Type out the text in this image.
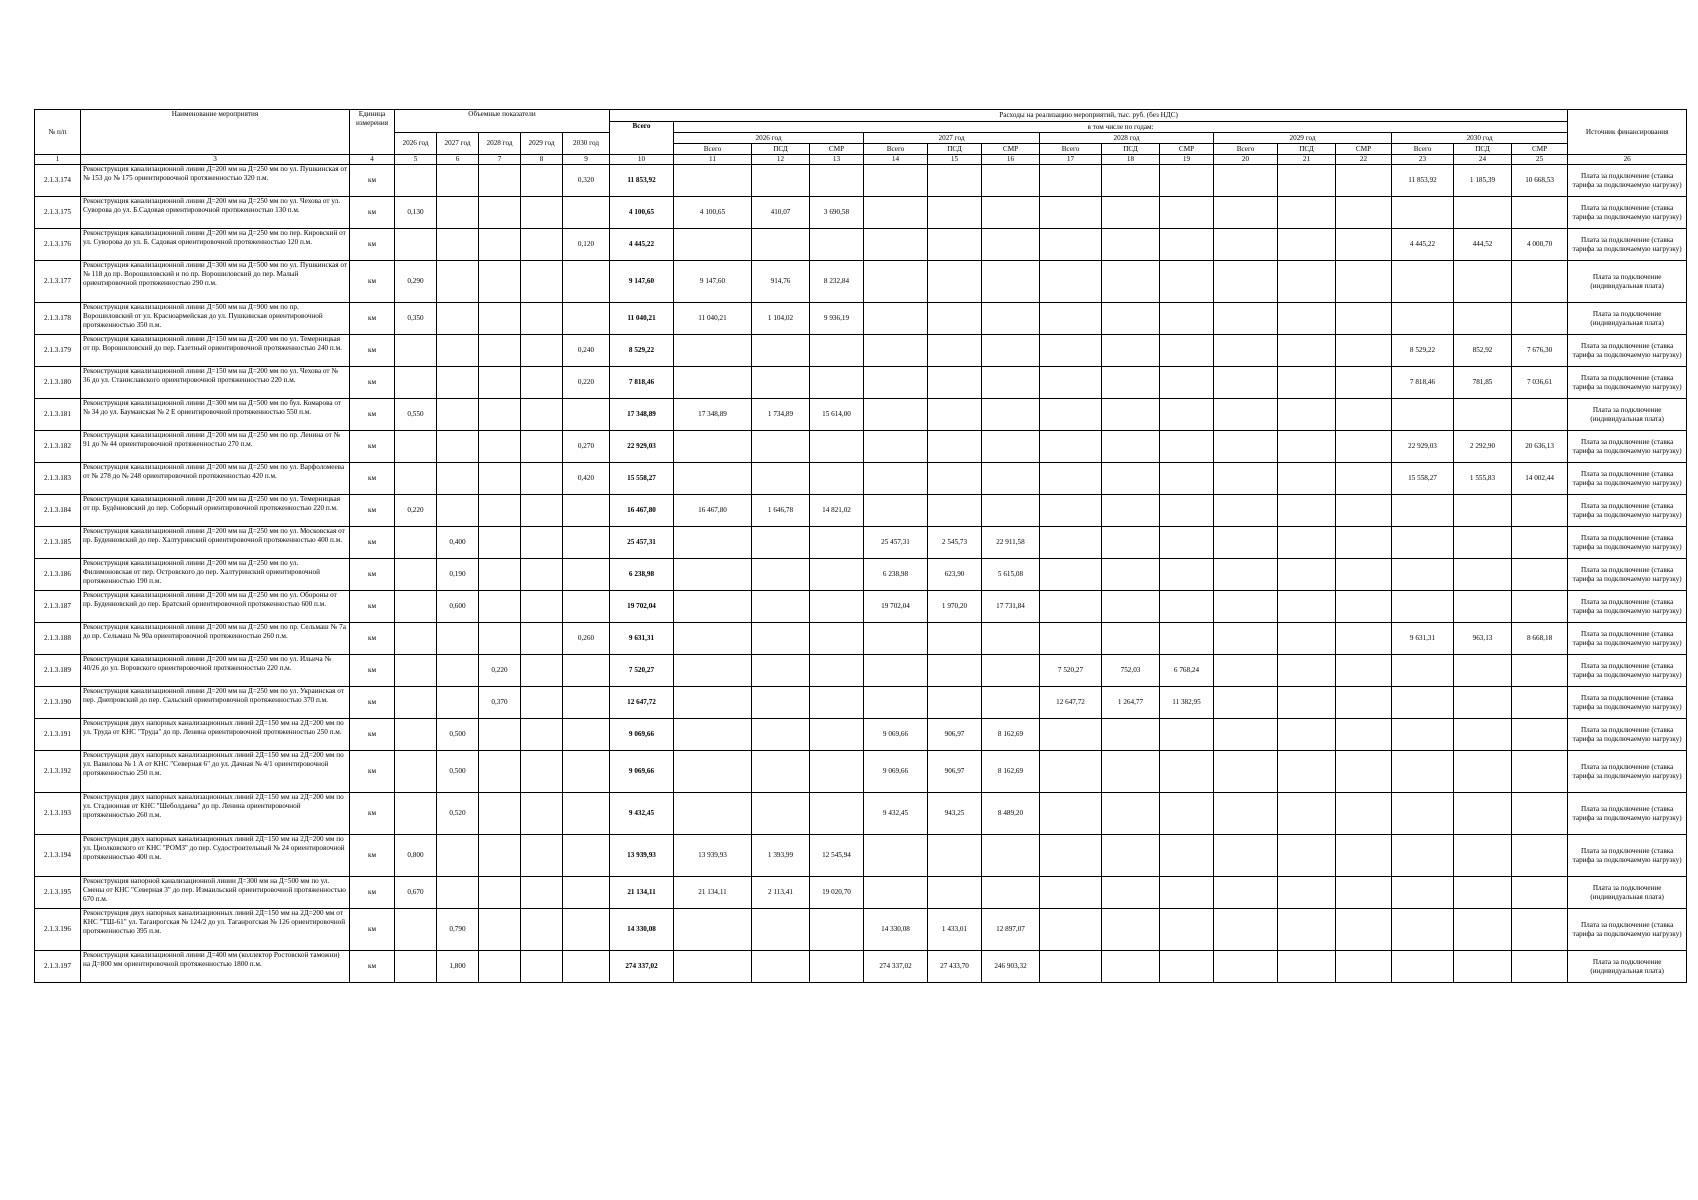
№ п/п	Наименование мероприятия	Единица измерения	Объемные показатели					Расходы на реализацию мероприятий, тыс. руб. (без НДС)																Источник финансирования
								Всего	в том числе по годам:															
			2026 год	2027 год	2028 год	2029 год	2030 год		2026 год			2027 год			2028 год			2029 год			2030 год			
									Всего	ПСД	СМР	Всего	ПСД	СМР	Всего	ПСД	СМР	Всего	ПСД	СМР	Всего	ПСД	СМР	
1	3	4	5	6	7	8	9	10	11	12	13	14	15	16	17	18	19	20	21	22	23	24	25	26
2.1.3.174	Реконструкция канализационной линии Д=200 мм на Д=250 мм по ул. Пушкинская от № 153 до № 175 ориентировочной протяженностью 320 п.м.	км					0,320	11 853,92													11 853,92	1 185,39	10 668,53	Плата за подключение (ставка тарифа за подключаемую нагрузку)
2.1.3.175	Реконструкция канализационной линии Д=200 мм на Д=250 мм по ул. Чехова от ул. Суворова до ул. Б.Садовая ориентировочной протяженностью 130 п.м.	км	0,130					4 100,65	4 100,65	410,07	3 690,58													Плата за подключение (ставка тарифа за подключаемую нагрузку)
2.1.3.176	Реконструкция канализационной линии Д=200 мм на Д=250 мм по пер. Кировский от ул. Суворова до ул. Б. Садовая ориентировочной протяженностью 120 п.м.	км					0,120	4 445,22													4 445,22	444,52	4 000,70	Плата за подключение (ставка тарифа за подключаемую нагрузку)
2.1.3.177	Реконструкция канализационной линии Д=300 мм на Д=500 мм по ул. Пушкинская от № 118 до пр. Ворошиловский и по пр. Ворошиловский до пер. Малый ориентировочной протяженностью 290 п.м.	км	0,290					9 147,60	9 147,60	914,76	8 232,84													Плата за подключение (индивидуальная плата)
2.1.3.178	Реконструкция канализационной линии Д=500 мм на Д=900 мм по пр. Ворошиловский от ул. Красноармейская до ул. Пушкинская ориентировочной протяженностью 350 п.м.	км	0,350					11 040,21	11 040,21	1 104,02	9 936,19													Плата за подключение (индивидуальная плата)
2.1.3.179	Реконструкция канализационной линии Д=150 мм на Д=200 мм по ул. Темерницкая от пр. Ворошиловский до пер. Газетный ориентировочной протяженностью 240 п.м.	км					0,240	8 529,22													8 529,22	852,92	7 676,30	Плата за подключение (ставка тарифа за подключаемую нагрузку)
2.1.3.180	Реконструкция канализационной линии Д=150 мм на Д=200 мм по ул. Чехова от № 36 до ул. Станиславского ориентировочной протяженностью 220 п.м.	км					0,220	7 818,46													7 818,46	781,85	7 036,61	Плата за подключение (ставка тарифа за подключаемую нагрузку)
2.1.3.181	Реконструкция канализационной линии Д=300 мм на Д=500 мм по бул. Комарова от № 34 до ул. Бауманская № 2 Е ориентировочной протяженностью 550 п.м.	км	0,550					17 348,89	17 348,89	1 734,89	15 614,00													Плата за подключение (индивидуальная плата)
2.1.3.182	Реконструкция канализационной линии Д=200 мм на Д=250 мм по пр. Ленина от № 91 до № 44 ориентировочной протяженностью 270 п.м.	км					0,270	22 929,03													22 929,03	2 292,90	20 636,13	Плата за подключение (ставка тарифа за подключаемую нагрузку)
2.1.3.183	Реконструкция канализационной линии Д=200 мм на Д=250 мм по ул. Варфоломеева от № 278 до № 248 ориентировочной протяженностью 420 п.м.	км					0,420	15 558,27													15 558,27	1 555,83	14 002,44	Плата за подключение (ставка тарифа за подключаемую нагрузку)
2.1.3.184	Реконструкция канализационной линии Д=200 мм на Д=250 мм по ул. Темерницкая от пр. Будённовский до пер. Соборный ориентировочной протяженностью 220 п.м.	км	0,220					16 467,80	16 467,80	1 646,78	14 821,02													Плата за подключение (ставка тарифа за подключаемую нагрузку)
2.1.3.185	Реконструкция канализационной линии Д=200 мм на Д=250 мм по ул. Московская от пр. Буденновский до пер. Халтуринский ориентировочной протяженностью 400 п.м.	км		0,400				25 457,31				25 457,31	2 545,73	22 911,58										Плата за подключение (ставка тарифа за подключаемую нагрузку)
2.1.3.186	Реконструкция канализационной линии Д=200 мм на Д=250 мм по ул. Филимоновская от пер. Островского до пер. Халтуринский ориентировочной протяженностью 190 п.м.	км		0,190				6 238,98				6 238,98	623,90	5 615,08										Плата за подключение (ставка тарифа за подключаемую нагрузку)
2.1.3.187	Реконструкция канализационной линии Д=200 мм на Д=250 мм по ул. Обороны от пр. Буденновский до пер. Братский ориентировочной протяженностью 600 п.м.	км		0,600				19 702,04				19 702,04	1 970,20	17 731,84										Плата за подключение (ставка тарифа за подключаемую нагрузку)
2.1.3.188	Реконструкция канализационной линии Д=200 мм на Д=250 мм по пр. Сельмаш № 7а до пр. Сельмаш № 90а ориентировочной протяженностью 260 п.м.	км					0,260	9 631,31													9 631,31	963,13	8 668,18	Плата за подключение (ставка тарифа за подключаемую нагрузку)
2.1.3.189	Реконструкция канализационной линии Д=200 мм на Д=250 мм по ул. Ильича № 40/26 до ул. Воровского ориентировочной протяженностью 220 п.м.	км			0,220			7 520,27							7 520,27	752,03	6 768,24							Плата за подключение (ставка тарифа за подключаемую нагрузку)
2.1.3.190	Реконструкция канализационной линии Д=200 мм на Д=250 мм по ул. Украинская от пер. Днепровский до пер. Сальский ориентировочной протяженностью 370 п.м.	км			0,370			12 647,72							12 647,72	1 264,77	11 382,95							Плата за подключение (ставка тарифа за подключаемую нагрузку)
2.1.3.191	Реконструкция двух напорных канализационных линий 2Д=150 мм на 2Д=200 мм по ул. Труда от КНС "Труда" до пр. Ленина ориентировочной протяженностью 250 п.м.	км		0,500				9 069,66				9 069,66	906,97	8 162,69										Плата за подключение (ставка тарифа за подключаемую нагрузку)
2.1.3.192	Реконструкция двух напорных канализационных линий 2Д=150 мм на 2Д=200 мм по ул. Вавилова № 1 А от КНС "Северная 6" до ул. Дачная № 4/1 ориентировочной протяженностью 250 п.м.	км		0,500				9 069,66				9 069,66	906,97	8 162,69										Плата за подключение (ставка тарифа за подключаемую нагрузку)
2.1.3.193	Реконструкция двух напорных канализационных линий 2Д=150 мм на 2Д=200 мм по ул. Стадионная от КНС "Шеболдаева" до пр. Ленина ориентировочной протяженностью 260 п.м.	км		0,520				9 432,45				9 432,45	943,25	8 489,20										Плата за подключение (ставка тарифа за подключаемую нагрузку)
2.1.3.194	Реконструкция двух напорных канализационных линий 2Д=150 мм на 2Д=200 мм по ул. Циолковского от КНС "РОМЗ" до пер. Судостроительный № 24 ориентировочной протяженностью 400 п.м.	км	0,800					13 939,93	13 939,93	1 393,99	12 545,94													Плата за подключение (ставка тарифа за подключаемую нагрузку)
2.1.3.195	Реконструкция напорной канализационной линии Д=300 мм на Д=500 мм по ул. Смены от КНС "Северная 3" до пер. Измаильский ориентировочной протяженностью 670 п.м.	км	0,670					21 134,11	21 134,11	2 113,41	19 020,70													Плата за подключение (индивидуальная плата)
2.1.3.196	Реконструкция двух напорных канализационных линий 2Д=150 мм на 2Д=200 мм от КНС "ТШ-61" ул. Таганрогская № 124/2 до ул. Таганрогская № 126 ориентировочной протяженностью 395 п.м.	км		0,790				14 330,08				14 330,08	1 433,01	12 897,07										Плата за подключение (ставка тарифа за подключаемую нагрузку)
2.1.3.197	Реконструкция канализационной линии Д=400 мм (коллектор Ростовской таможни) на Д=800 мм ориентировочной протяженностью 1800 п.м.	км		1,800				274 337,02				274 337,02	27 433,70	246 903,32										Плата за подключение (индивидуальная плата)
